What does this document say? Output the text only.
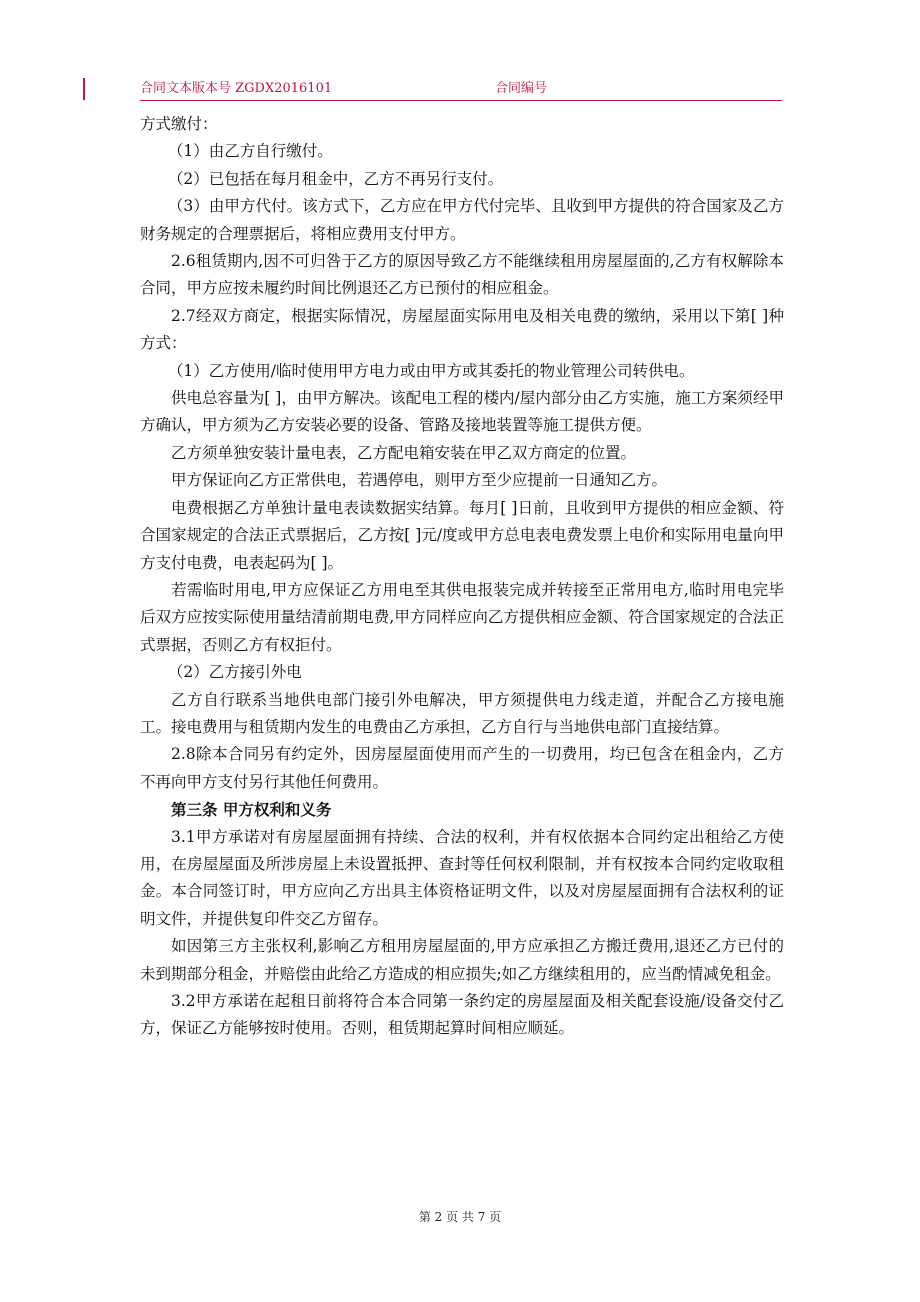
合同文本版本号 ZGDX2016101	合同编号

方式缴付：

（1）由乙方自行缴付。

（2）已包括在每月租金中，乙方不再另行支付。

（3）由甲方代付。该方式下，乙方应在甲方代付完毕、且收到甲方提供的符合国家及乙方财务规定的合理票据后，将相应费用支付甲方。

2.6租赁期内,因不可归咎于乙方的原因导致乙方不能继续租用房屋屋面的,乙方有权解除本合同，甲方应按未履约时间比例退还乙方已预付的相应租金。

2.7经双方商定，根据实际情况，房屋屋面实际用电及相关电费的缴纳，采用以下第[ ]种方式：

（1）乙方使用/临时使用甲方电力或由甲方或其委托的物业管理公司转供电。

供电总容量为[ ]，由甲方解决。该配电工程的楼内/屋内部分由乙方实施，施工方案须经甲方确认，甲方须为乙方安装必要的设备、管路及接地装置等施工提供方便。

乙方须单独安装计量电表，乙方配电箱安装在甲乙双方商定的位置。

甲方保证向乙方正常供电，若遇停电，则甲方至少应提前一日通知乙方。

电费根据乙方单独计量电表读数据实结算。每月[ ]日前，且收到甲方提供的相应金额、符合国家规定的合法正式票据后，乙方按[ ]元/度或甲方总电表电费发票上电价和实际用电量向甲方支付电费，电表起码为[ ]。

若需临时用电,甲方应保证乙方用电至其供电报装完成并转接至正常用电方,临时用电完毕后双方应按实际使用量结清前期电费,甲方同样应向乙方提供相应金额、符合国家规定的合法正式票据，否则乙方有权拒付。

（2）乙方接引外电

乙方自行联系当地供电部门接引外电解决，甲方须提供电力线走道，并配合乙方接电施工。接电费用与租赁期内发生的电费由乙方承担，乙方自行与当地供电部门直接结算。

2.8除本合同另有约定外，因房屋屋面使用而产生的一切费用，均已包含在租金内，乙方不再向甲方支付另行其他任何费用。

第三条 甲方权利和义务

3.1甲方承诺对有房屋屋面拥有持续、合法的权利，并有权依据本合同约定出租给乙方使用，在房屋屋面及所涉房屋上未设置抵押、查封等任何权利限制，并有权按本合同约定收取租金。本合同签订时，甲方应向乙方出具主体资格证明文件，以及对房屋屋面拥有合法权利的证明文件，并提供复印件交乙方留存。

如因第三方主张权利,影响乙方租用房屋屋面的,甲方应承担乙方搬迁费用,退还乙方已付的未到期部分租金，并赔偿由此给乙方造成的相应损失;如乙方继续租用的，应当酌情减免租金。

3.2甲方承诺在起租日前将符合本合同第一条约定的房屋屋面及相关配套设施/设备交付乙方，保证乙方能够按时使用。否则，租赁期起算时间相应顺延。

第 2 页 共 7 页
